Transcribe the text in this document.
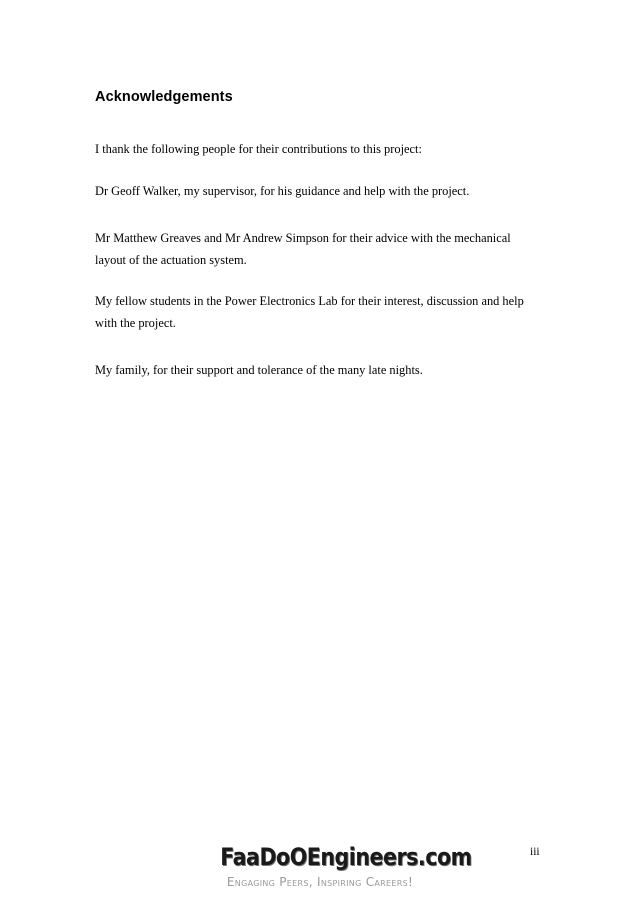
Acknowledgements

I thank the following people for their contributions to this project:

Dr Geoff Walker, my supervisor, for his guidance and help with the project.

Mr Matthew Greaves and Mr Andrew Simpson for their advice with the mechanical
layout of the actuation system.
My fellow students in the Power Electronics Lab for their interest, discussion and help
with the project.

My family, for their support and tolerance of the many late nights.

FaaDoOEngineers.com
Engaging Peers, Inspiring Careers!
iii
